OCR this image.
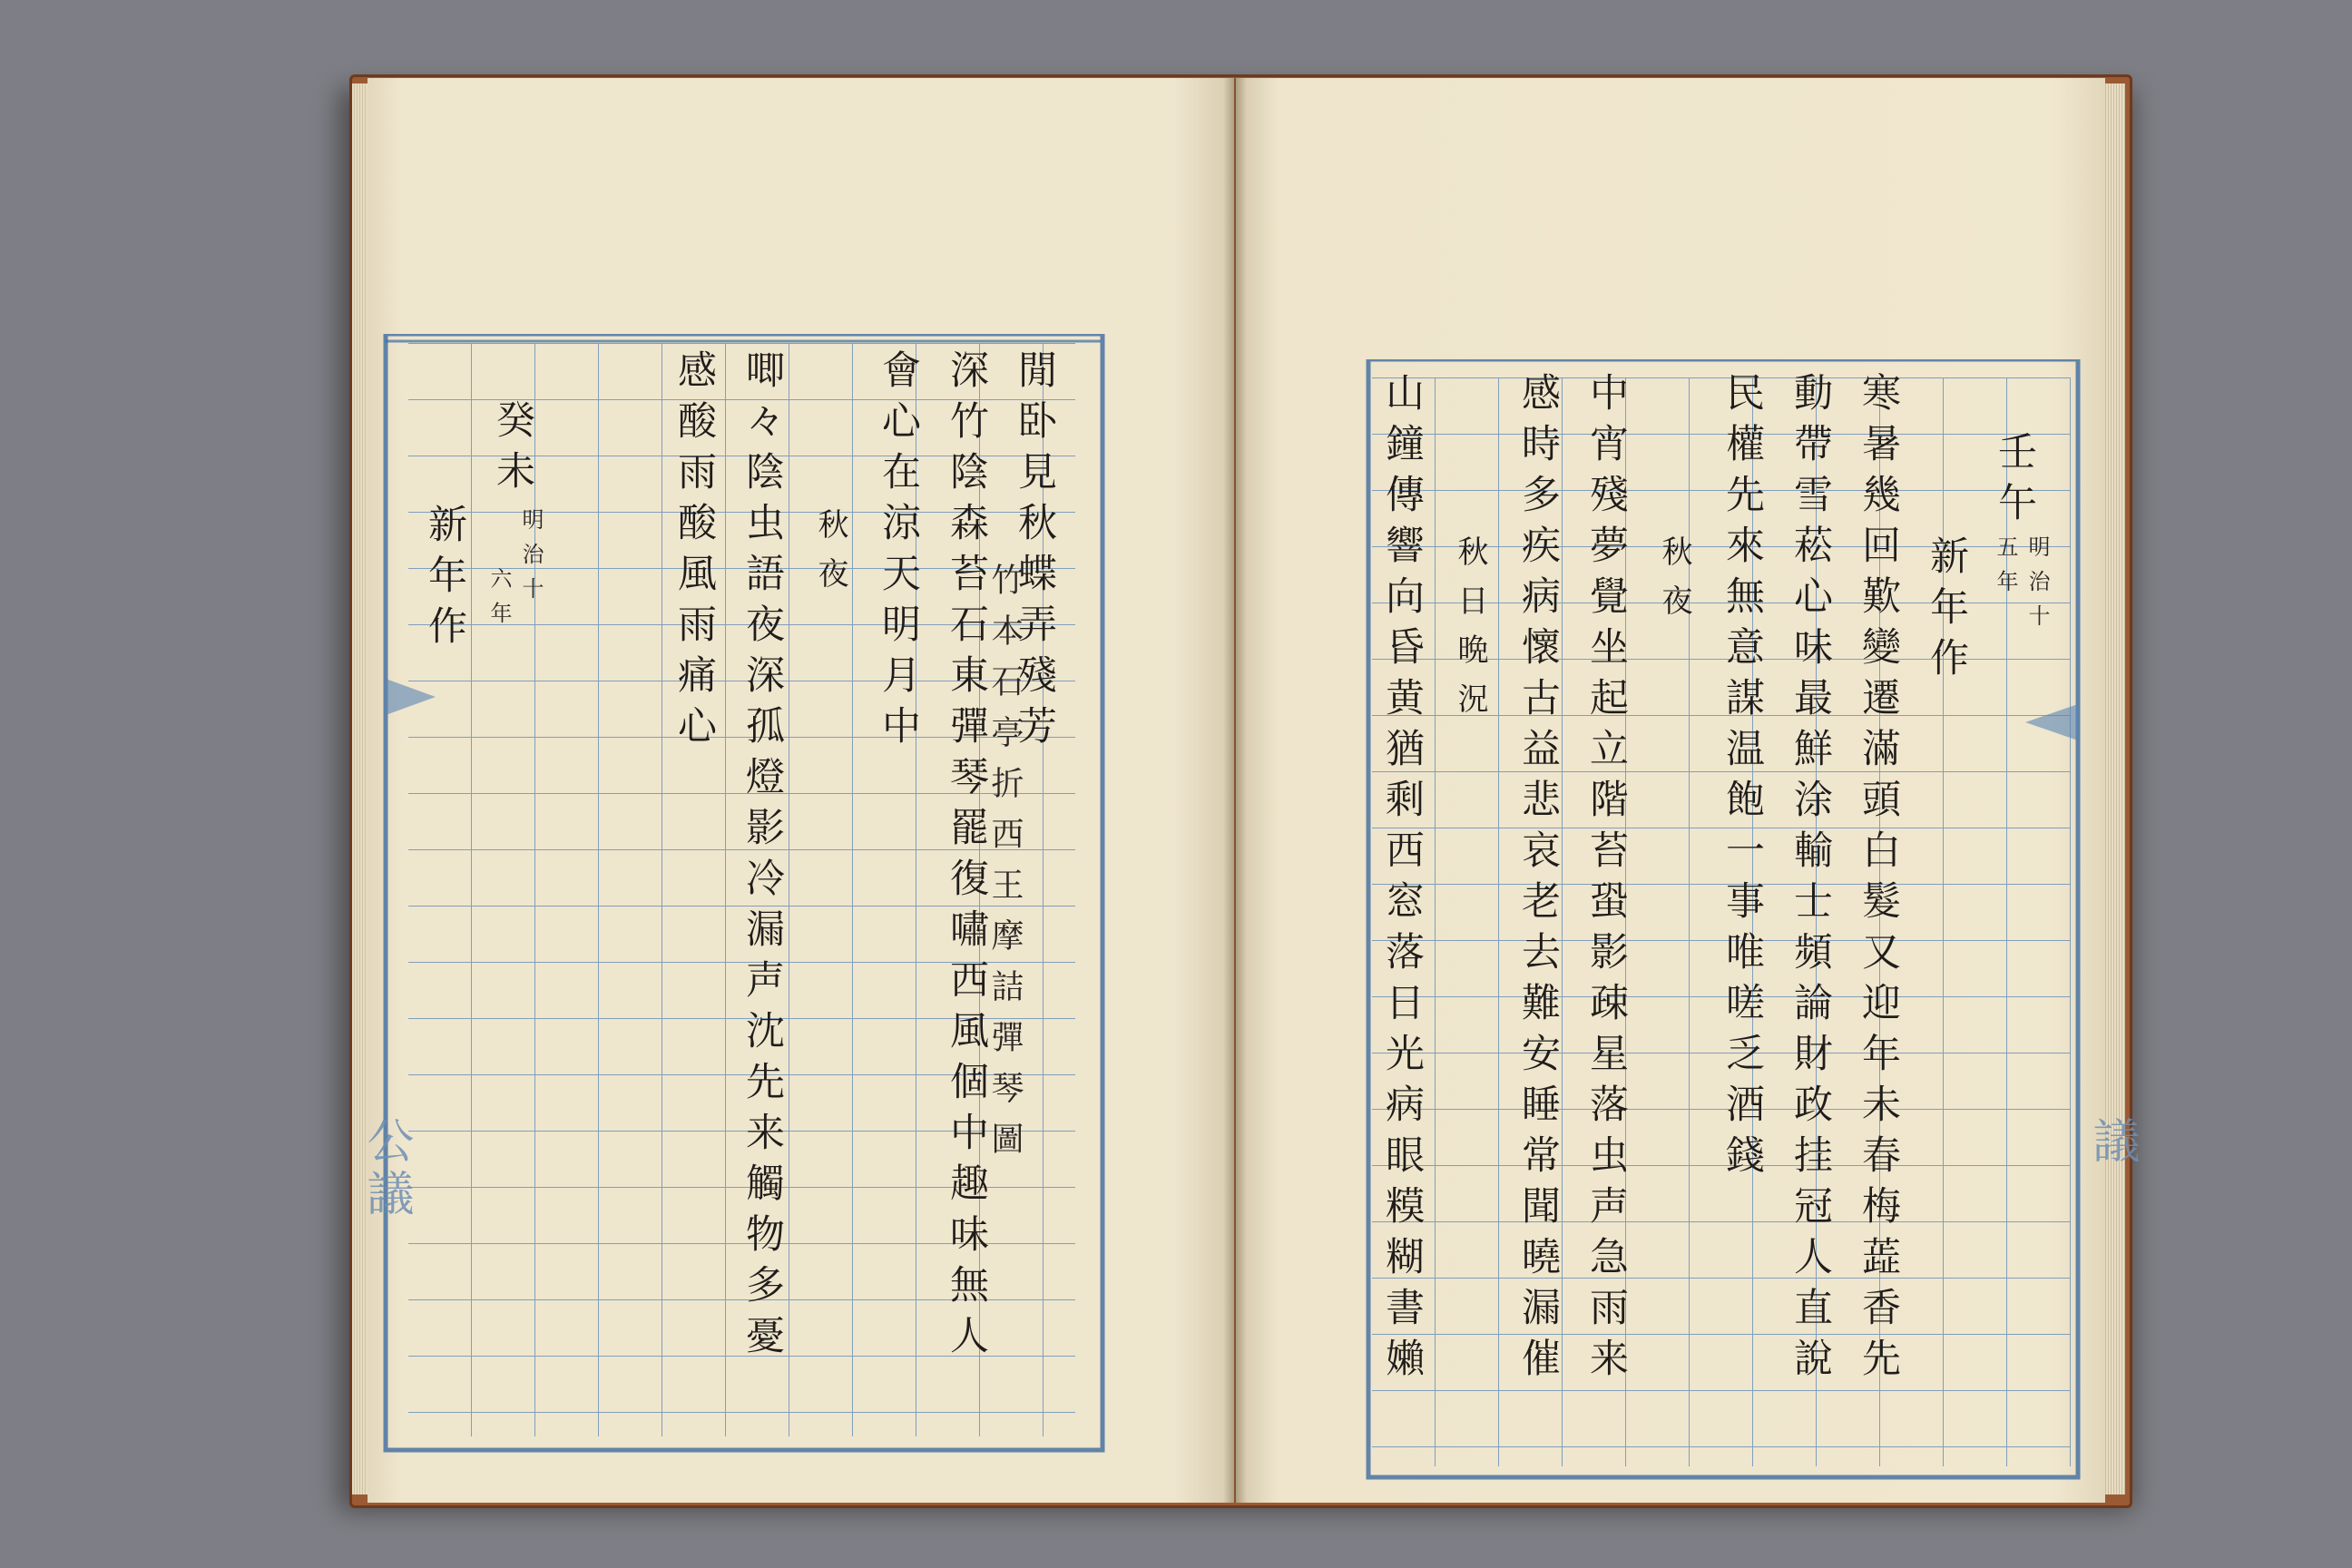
閒卧見秋蝶弄殘芳
深竹陰森苔石東彈琴罷復嘯西風個中趣味無人
會心在涼天明月中
秋夜
唧々陰虫語夜深孤燈影冷漏声沈先来觸物多憂
感酸雨酸風雨痛心
癸未
新年作	竹本石亭折西王摩詰彈琴圖
明治十
六年
公議
壬午
新年作
寒暑幾回歎變遷滿頭白髮又迎年未春梅蕋香先
動帶雪菘心味最鮮涂輸士頻論財政挂冠人直說
民權先來無意謀温飽一事唯嗟乏酒錢
秋夜
中宵殘夢覺坐起立階苔蛩影疎星落虫声急雨来
感時多疾病懷古益悲哀老去難安睡常聞曉漏催
秋日晩況
山鐘傳響向昏黄猶剩西窓落日光病眼糢糊書嬾	明治十
五年
議
